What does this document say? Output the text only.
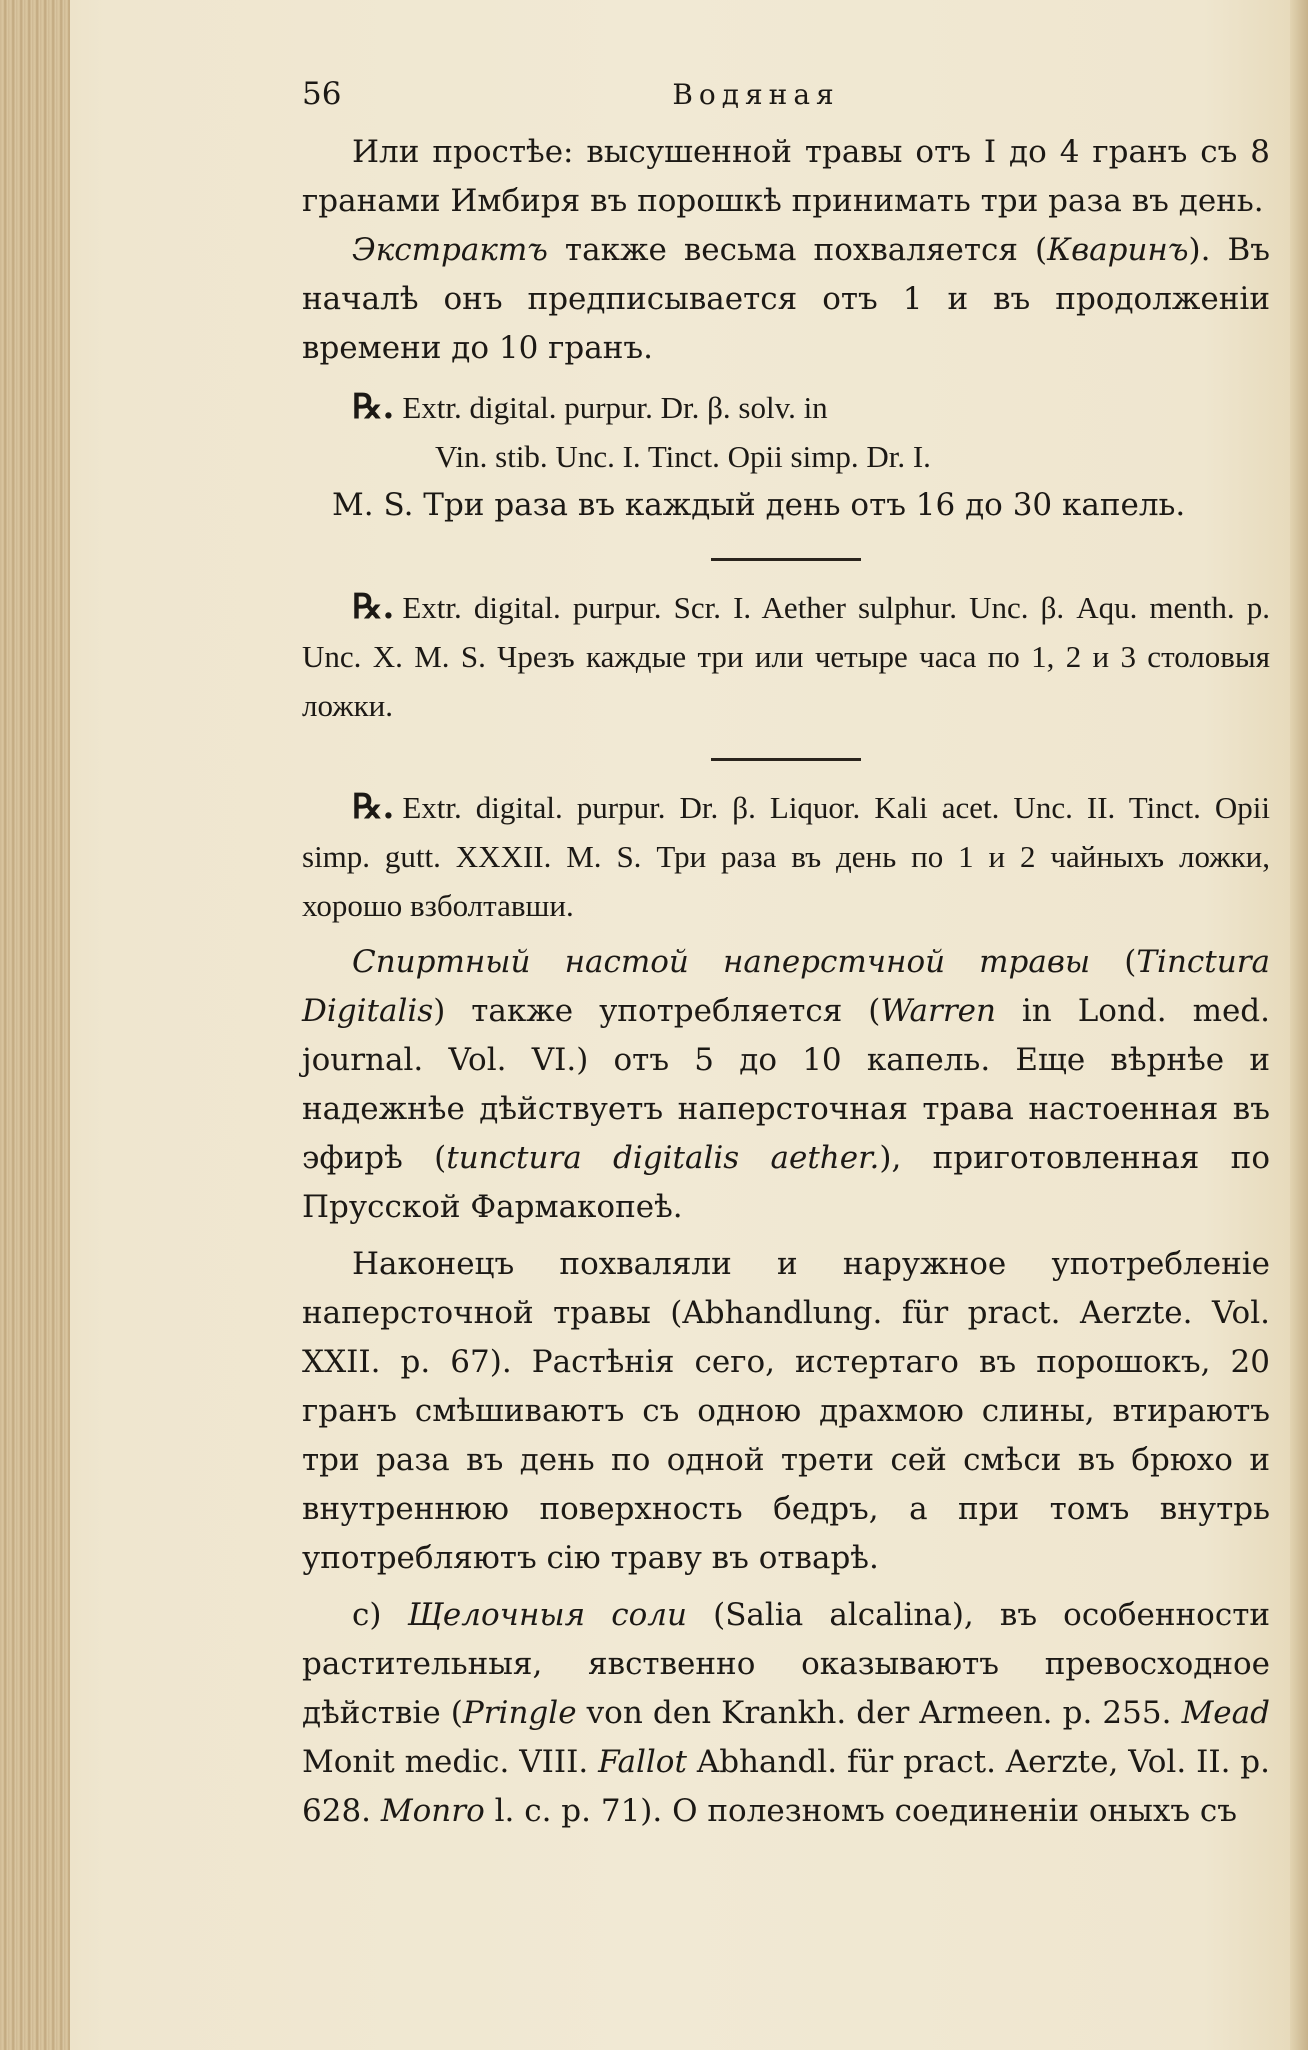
56	Водяная

Или простѣе: высушенной травы отъ I до 4 гранъ съ 8 гранами Имбиря въ порошкѣ принимать три раза въ день.

Экстрактъ также весьма похваляется (Кваринъ). Въ началѣ онъ предписывается отъ 1 и въ продолженiи времени до 10 гранъ.

℞. Extr. digital. purpur. Dr. β. solv. in

Vin. stib. Unc. I. Tinct. Opii simp. Dr. I.

M. S. Три раза въ каждый день отъ 16 до 30 капель.

℞. Extr. digital. purpur. Scr. I. Aether sulphur. Unc. β. Aqu. menth. p. Unc. X. M. S. Чрезъ каждые три или четыре часа по 1, 2 и 3 столовыя ложки.

℞. Extr. digital. purpur. Dr. β. Liquor. Kali acet. Unc. II. Tinct. Opii simp. gutt. XXXII. M. S. Три раза въ день по 1 и 2 чайныхъ ложки, хорошо взболтавши.

Спиртный настой наперстчной травы (Tinctura Digitalis) также употребляется (Warren in Lond. med. journal. Vol. VI.) отъ 5 до 10 капель. Еще вѣрнѣе и надежнѣе дѣйствуетъ наперсточная трава настоенная въ эфирѣ (tunctura digitalis aether.), приготовленная по Прусской Фармакопеѣ.

Наконецъ похваляли и наружное употребленiе наперсточной травы (Abhandlung. für pract. Aerzte. Vol. XXII. p. 67). Растѣнiя сего, истертаго въ порошокъ, 20 гранъ смѣшиваютъ съ одною драхмою слины, втираютъ три раза въ день по одной трети сей смѣси въ брюхо и внутреннюю поверхность бедръ, а при томъ внутрь употребляютъ сiю траву въ отварѣ.

c) Щелочныя соли (Salia alcalina), въ особенности растительныя, явственно оказываютъ превосходное дѣйствiе (Pringle von den Krankh. der Armeen. p. 255. Mead Monit medic. VIII. Fallot Abhandl. für pract. Aerzte, Vol. II. p. 628. Monro l. c. p. 71). О полезномъ соединенiи оныхъ съ
